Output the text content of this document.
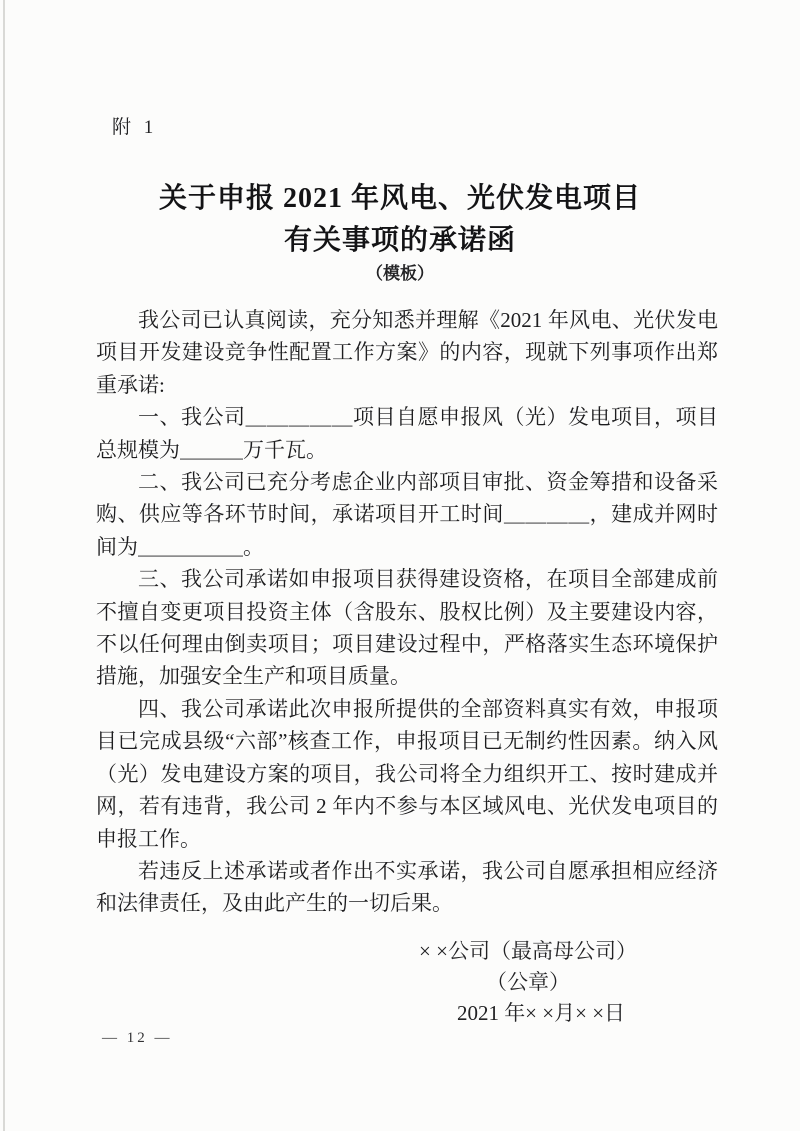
附 1
关于申报 2021 年风电、光伏发电项目
有关事项的承诺函
（模板）

我公司已认真阅读，充分知悉并理解《2021 年风电、光伏发电项目开发建设竞争性配置工作方案》的内容，现就下列事项作出郑重承诺:

一、我公司＿＿＿＿＿项目自愿申报风（光）发电项目，项目总规模为＿＿＿万千瓦。

二、我公司已充分考虑企业内部项目审批、资金筹措和设备采购、供应等各环节时间，承诺项目开工时间＿＿＿＿，建成并网时间为＿＿＿＿＿。

三、我公司承诺如申报项目获得建设资格，在项目全部建成前不擅自变更项目投资主体（含股东、股权比例）及主要建设内容，不以任何理由倒卖项目；项目建设过程中，严格落实生态环境保护措施，加强安全生产和项目质量。

四、我公司承诺此次申报所提供的全部资料真实有效，申报项目已完成县级“六部”核查工作，申报项目已无制约性因素。纳入风（光）发电建设方案的项目，我公司将全力组织开工、按时建成并网，若有违背，我公司 2 年内不参与本区域风电、光伏发电项目的申报工作。

若违反上述承诺或者作出不实承诺，我公司自愿承担相应经济和法律责任，及由此产生的一切后果。

× ×公司（最高母公司）
（公章）
2021 年× ×月× ×日
— 12 —
